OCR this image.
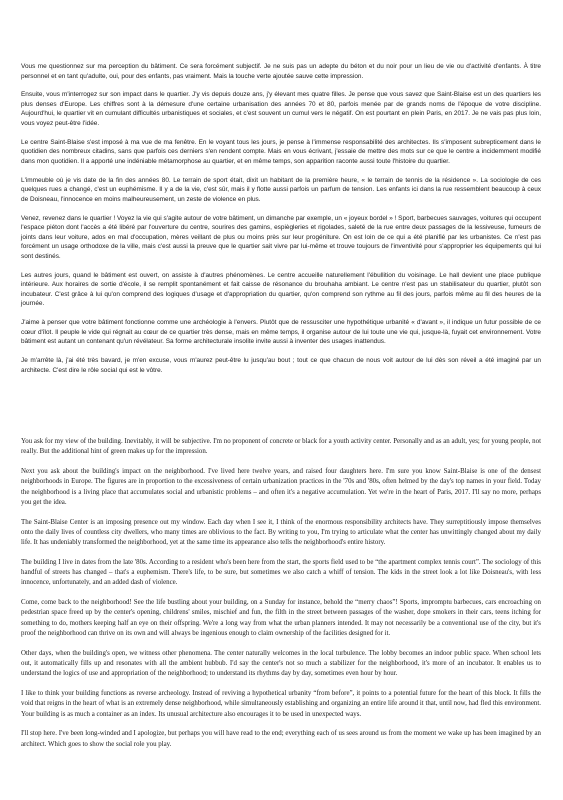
Vous me questionnez sur ma perception du bâtiment. Ce sera forcément subjectif. Je ne suis pas un adepte du béton et du noir pour un lieu de vie ou d'activité d'enfants. À titre personnel et en tant qu'adulte, oui, pour des enfants, pas vraiment. Mais la touche verte ajoutée sauve cette impression.

Ensuite, vous m'interrogez sur son impact dans le quartier. J'y vis depuis douze ans, j'y élevant mes quatre filles. Je pense que vous savez que Saint-Blaise est un des quartiers les plus denses d'Europe. Les chiffres sont à la démesure d'une certaine urbanisation des années 70 et 80, parfois menée par de grands noms de l'époque de votre discipline. Aujourd'hui, le quartier vit en cumulant difficultés urbanistiques et sociales, et c'est souvent un cumul vers le négatif. On est pourtant en plein Paris, en 2017. Je ne vais pas plus loin, vous voyez peut-être l'idée.

Le centre Saint-Blaise s'est imposé à ma vue de ma fenêtre. En le voyant tous les jours, je pense à l'immense responsabilité des architectes. Ils s'imposent subrepticement dans le quotidien des nombreux citadins, sans que parfois ces derniers s'en rendent compte. Mais en vous écrivant, j'essaie de mettre des mots sur ce que le centre a incidemment modifié dans mon quotidien. Il a apporté une indéniable métamorphose au quartier, et en même temps, son apparition raconte aussi toute l'histoire du quartier.

L'immeuble où je vis date de la fin des années 80. Le terrain de sport était, dixit un habitant de la première heure, « le terrain de tennis de la résidence ». La sociologie de ces quelques rues a changé, c'est un euphémisme. Il y a de la vie, c'est sûr, mais il y flotte aussi parfois un parfum de tension. Les enfants ici dans la rue ressemblent beaucoup à ceux de Doisneau, l'innocence en moins malheureusement, un zeste de violence en plus.

Venez, revenez dans le quartier ! Voyez la vie qui s'agite autour de votre bâtiment, un dimanche par exemple, un « joyeux bordel » ! Sport, barbecues sauvages, voitures qui occupent l'espace piéton dont l'accès a été libéré par l'ouverture du centre, sourires des gamins, espiègleries et rigolades, saleté de la rue entre deux passages de la lessiveuse, fumeurs de joints dans leur voiture, ados en mal d'occupation, mères veillant de plus ou moins près sur leur progéniture. On est loin de ce qui a été planifié par les urbanistes. Ce n'est pas forcément un usage orthodoxe de la ville, mais c'est aussi la preuve que le quartier sait vivre par lui-même et trouve toujours de l'inventivité pour s'approprier les équipements qui lui sont destinés.

Les autres jours, quand le bâtiment est ouvert, on assiste à d'autres phénomènes. Le centre accueille naturellement l'ébullition du voisinage. Le hall devient une place publique intérieure. Aux horaires de sortie d'école, il se remplit spontanément et fait caisse de résonance du brouhaha ambiant. Le centre n'est pas un stabilisateur du quartier, plutôt son incubateur. C'est grâce à lui qu'on comprend des logiques d'usage et d'appropriation du quartier, qu'on comprend son rythme au fil des jours, parfois même au fil des heures de la journée.

J'aime à penser que votre bâtiment fonctionne comme une archéologie à l'envers. Plutôt que de ressusciter une hypothétique urbanité « d'avant », il indique un futur possible de ce cœur d'îlot. Il peuple le vide qui régnait au cœur de ce quartier très dense, mais en même temps, il organise autour de lui toute une vie qui, jusque-là, fuyait cet environnement. Votre bâtiment est autant un contenant qu'un révélateur. Sa forme architecturale insolite invite aussi à inventer des usages inattendus.

Je m'arrête là, j'ai été très bavard, je m'en excuse, vous m'aurez peut-être lu jusqu'au bout ; tout ce que chacun de nous voit autour de lui dès son réveil a été imaginé par un architecte. C'est dire le rôle social qui est le vôtre.

You ask for my view of the building. Inevitably, it will be subjective. I'm no proponent of concrete or black for a youth activity center. Personally and as an adult, yes; for young people, not really. But the additional hint of green makes up for the impression.

Next you ask about the building's impact on the neighborhood. I've lived here twelve years, and raised four daughters here. I'm sure you know Saint-Blaise is one of the densest neighborhoods in Europe. The figures are in proportion to the excessiveness of certain urbanization practices in the '70s and '80s, often helmed by the day's top names in your field. Today the neighborhood is a living place that accumulates social and urbanistic problems – and often it's a negative accumulation. Yet we're in the heart of Paris, 2017. I'll say no more, perhaps you get the idea.

The Saint-Blaise Center is an imposing presence out my window. Each day when I see it, I think of the enormous responsibility architects have. They surreptitiously impose themselves onto the daily lives of countless city dwellers, who many times are oblivious to the fact. By writing to you, I'm trying to articulate what the center has unwittingly changed about my daily life. It has undeniably transformed the neighborhood, yet at the same time its appearance also tells the neighborhood's entire history.

The building I live in dates from the late '80s. According to a resident who's been here from the start, the sports field used to be “the apartment complex tennis court”. The sociology of this handful of streets has changed – that's a euphemism. There's life, to be sure, but sometimes we also catch a whiff of tension. The kids in the street look a lot like Doisneau's, with less innocence, unfortunately, and an added dash of violence.

Come, come back to the neighborhood! See the life bustling about your building, on a Sunday for instance, behold the “merry chaos”! Sports, impromptu barbecues, cars encroaching on pedestrian space freed up by the center's opening, childrens' smiles, mischief and fun, the filth in the street between passages of the washer, dope smokers in their cars, teens itching for something to do, mothers keeping half an eye on their offspring. We're a long way from what the urban planners intended. It may not necessarily be a conventional use of the city, but it's proof the neighborhood can thrive on its own and will always be ingenious enough to claim ownership of the facilities designed for it.

Other days, when the building's open, we witness other phenomena. The center naturally welcomes in the local turbulence. The lobby becomes an indoor public space. When school lets out, it automatically fills up and resonates with all the ambient hubbub. I'd say the center's not so much a stabilizer for the neighborhood, it's more of an incubator. It enables us to understand the logics of use and appropriation of the neighborhood; to understand its rhythms day by day, sometimes even hour by hour.

I like to think your building functions as reverse archeology. Instead of reviving a hypothetical urbanity “from before”, it points to a potential future for the heart of this block. It fills the void that reigns in the heart of what is an extremely dense neighborhood, while simultaneously establishing and organizing an entire life around it that, until now, had fled this environment. Your building is as much a container as an index. Its unusual architecture also encourages it to be used in unexpected ways.

I'll stop here. I've been long-winded and I apologize, but perhaps you will have read to the end; everything each of us sees around us from the moment we wake up has been imagined by an architect. Which goes to show the social role you play.
